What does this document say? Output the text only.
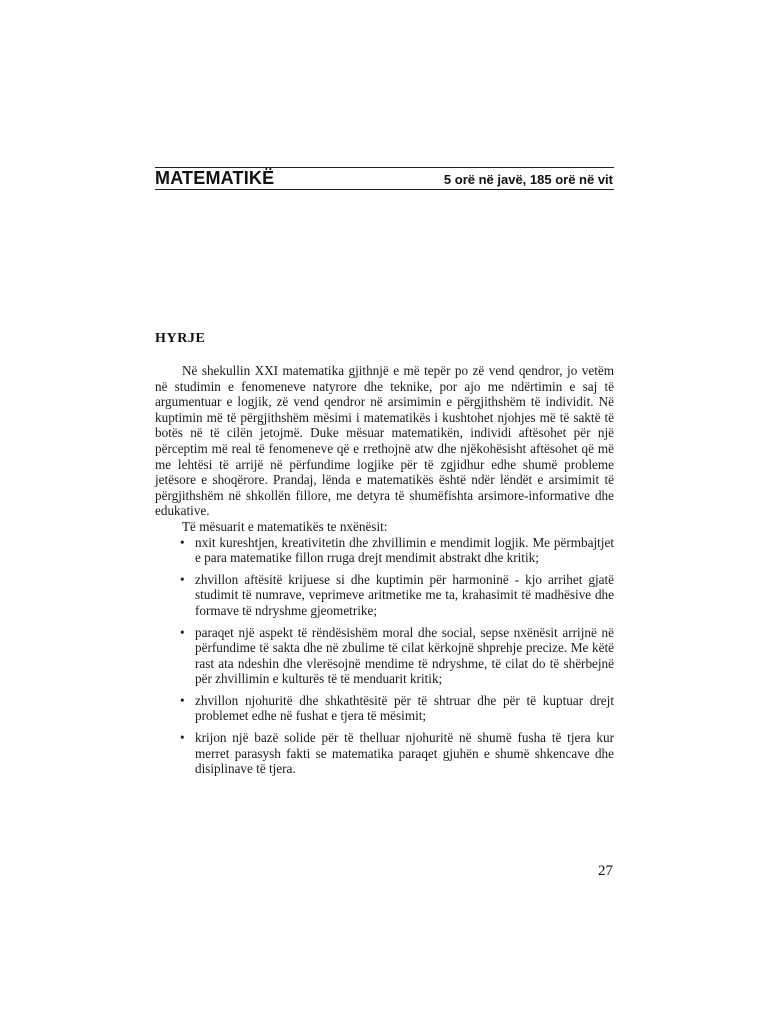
MATEMATIKË	5 orë në javë, 185 orë në vit
HYRJE

Në shekullin XXI matematika gjithnjë e më tepër po zë vend qendror, jo vetëm në studimin e fenomeneve natyrore dhe teknike, por ajo me ndërtimin e saj të argumentuar e logjik, zë vend qendror në arsimimin e përgjithshëm të individit. Në kuptimin më të përgjithshëm mësimi i matematikës i kushtohet njohjes më të saktë të botës në të cilën jetojmë. Duke mësuar matematikën, individi aftësohet për një përceptim më real të fenomeneve që e rrethojnë atw dhe njëkohësisht aftësohet që më me lehtësi të arrijë në përfundime logjike për të zgjidhur edhe shumë probleme jetësore e shoqërore. Prandaj, lënda e matematikës është ndër lëndët e arsimimit të përgjithshëm në shkollën fillore, me detyra të shumëfishta arsimore-informative dhe edukative.

Të mësuarit e matematikës te nxënësit:

• nxit kureshtjen, kreativitetin dhe zhvillimin e mendimit logjik. Me përmbajtjet e para matematike fillon rruga drejt mendimit abstrakt dhe kritik;
• zhvillon aftësitë krijuese si dhe kuptimin për harmoninë - kjo arrihet gjatë studimit të numrave, veprimeve aritmetike me ta, krahasimit të madhësive dhe formave të ndryshme gjeometrike;
• paraqet një aspekt të rëndësishëm moral dhe social, sepse nxënësit arrijnë në përfundime të sakta dhe në zbulime të cilat kërkojnë shprehje precize. Me këtë rast ata ndeshin dhe vlerësojnë mendime të ndryshme, të cilat do të shërbejnë për zhvillimin e kulturës të të menduarit kritik;
• zhvillon njohuritë dhe shkathtësitë për të shtruar dhe për të kuptuar drejt problemet edhe në fushat e tjera të mësimit;
• krijon një bazë solide për të thelluar njohuritë në shumë fusha të tjera kur merret parasysh fakti se matematika paraqet gjuhën e shumë shkencave dhe disiplinave të tjera.
27
